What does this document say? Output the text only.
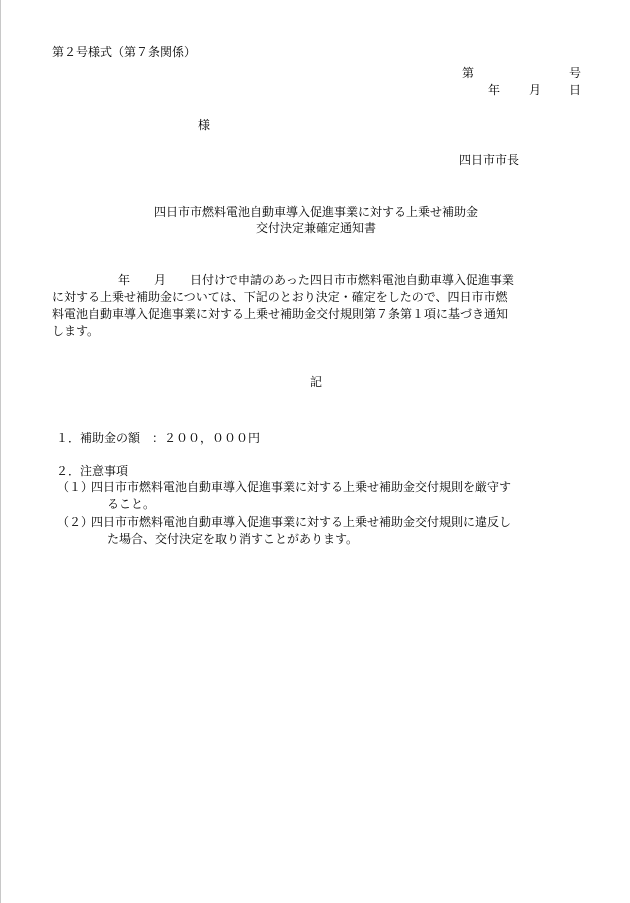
第２号様式（第７条関係）
第	号
年 月 日
様
四日市市長
四日市市燃料電池自動車導入促進事業に対する上乗せ補助金
交付決定兼確定通知書
年　　月　　日付けで申請のあった四日市市燃料電池自動車導入促進事業
に対する上乗せ補助金については、下記のとおり決定・確定をしたので、四日市市燃
料電池自動車導入促進事業に対する上乗せ補助金交付規則第７条第１項に基づき通知
します。
記
１．補助金の額　：２００，０００円
２．注意事項
（１）
四日市市燃料電池自動車導入促進事業に対する上乗せ補助金交付規則を厳守す
ること。
（２）
四日市市燃料電池自動車導入促進事業に対する上乗せ補助金交付規則に違反し
た場合、交付決定を取り消すことがあります。
